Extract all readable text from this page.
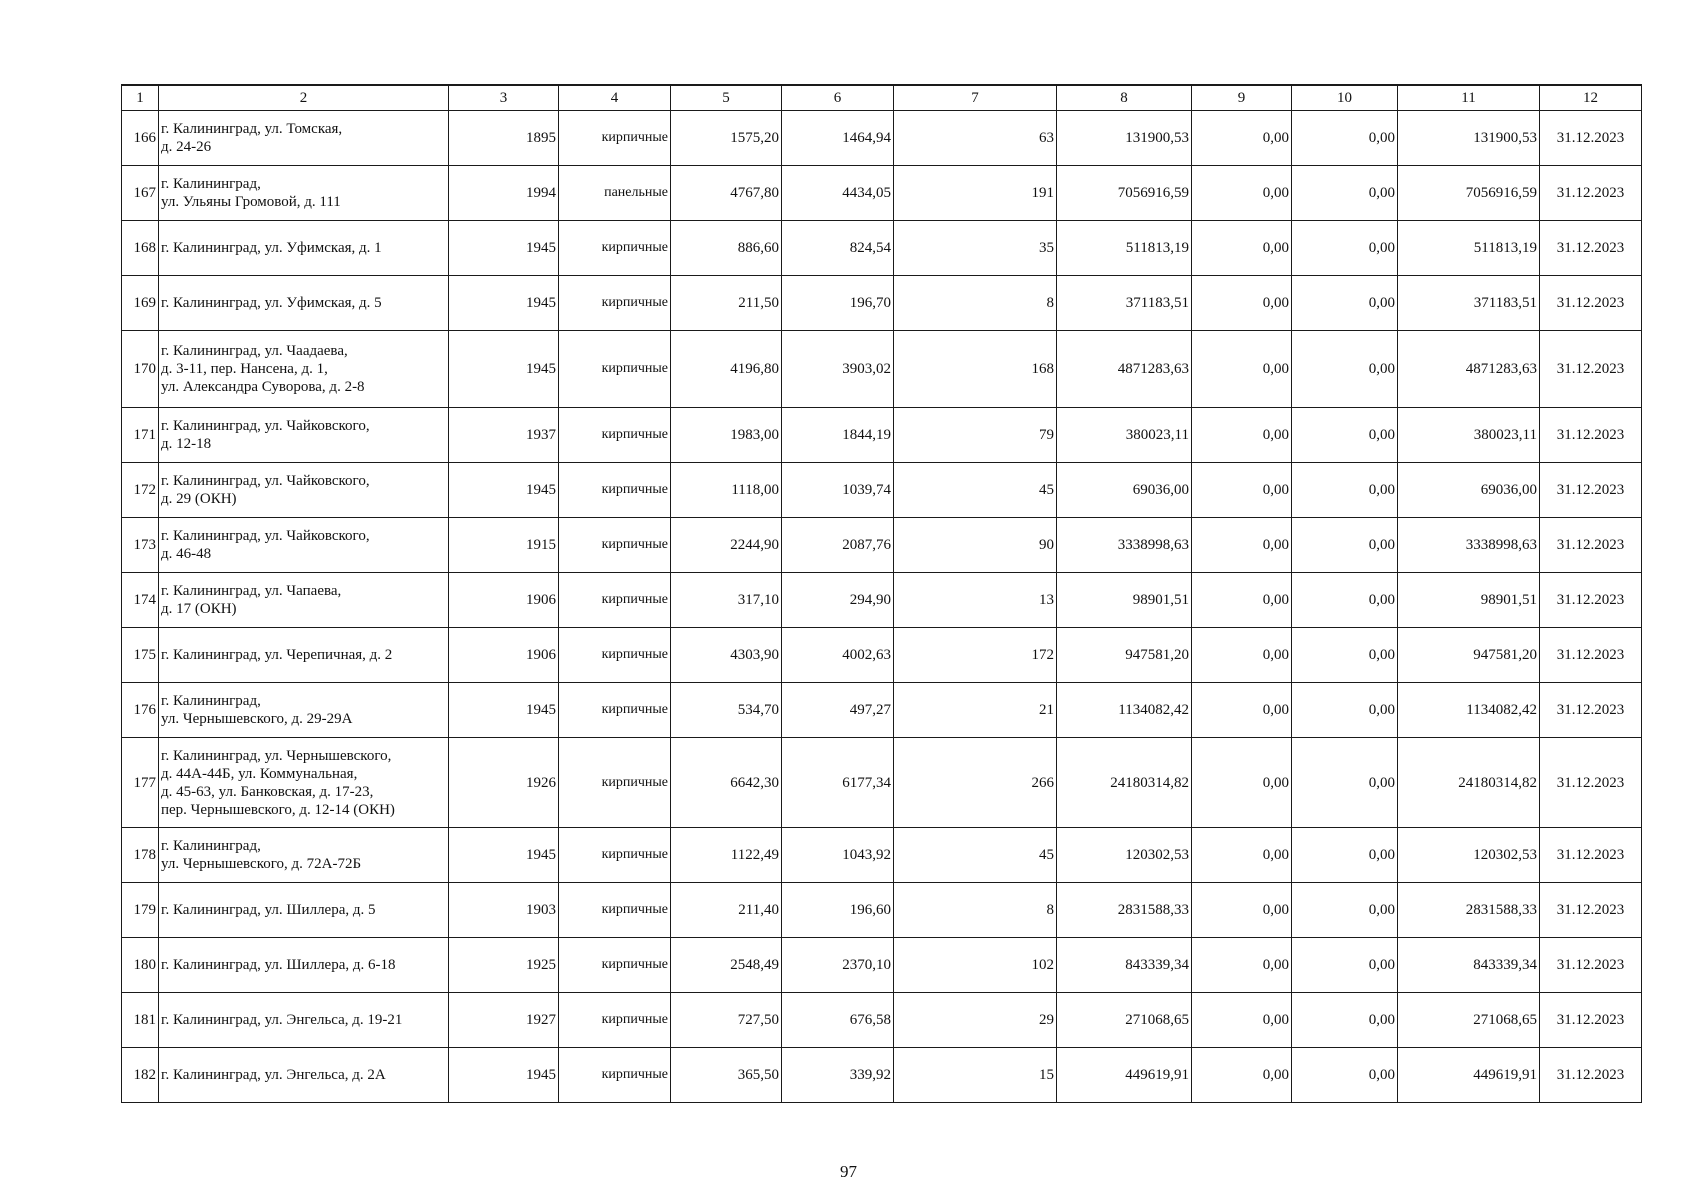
1	2	3	4	5	6	7	8	9	10	11	12
166	г. Калининград, ул. Томская,
д. 24-26	1895	кирпичные	1575,20	1464,94	63	131900,53	0,00	0,00	131900,53	31.12.2023
167	г. Калининград,
ул. Ульяны Громовой, д. 111	1994	панельные	4767,80	4434,05	191	7056916,59	0,00	0,00	7056916,59	31.12.2023
168	г. Калининград, ул. Уфимская, д. 1	1945	кирпичные	886,60	824,54	35	511813,19	0,00	0,00	511813,19	31.12.2023
169	г. Калининград, ул. Уфимская, д. 5	1945	кирпичные	211,50	196,70	8	371183,51	0,00	0,00	371183,51	31.12.2023
170	г. Калининград, ул. Чаадаева,
д. 3-11, пер. Нансена, д. 1,
ул. Александра Суворова, д. 2-8	1945	кирпичные	4196,80	3903,02	168	4871283,63	0,00	0,00	4871283,63	31.12.2023
171	г. Калининград, ул. Чайковского,
д. 12-18	1937	кирпичные	1983,00	1844,19	79	380023,11	0,00	0,00	380023,11	31.12.2023
172	г. Калининград, ул. Чайковского,
д. 29 (ОКН)	1945	кирпичные	1118,00	1039,74	45	69036,00	0,00	0,00	69036,00	31.12.2023
173	г. Калининград, ул. Чайковского,
д. 46-48	1915	кирпичные	2244,90	2087,76	90	3338998,63	0,00	0,00	3338998,63	31.12.2023
174	г. Калининград, ул. Чапаева,
д. 17 (ОКН)	1906	кирпичные	317,10	294,90	13	98901,51	0,00	0,00	98901,51	31.12.2023
175	г. Калининград, ул. Черепичная, д. 2	1906	кирпичные	4303,90	4002,63	172	947581,20	0,00	0,00	947581,20	31.12.2023
176	г. Калининград,
ул. Чернышевского, д. 29-29А	1945	кирпичные	534,70	497,27	21	1134082,42	0,00	0,00	1134082,42	31.12.2023
177	г. Калининград, ул. Чернышевского,
д. 44А-44Б, ул. Коммунальная,
д. 45-63, ул. Банковская, д. 17-23,
пер. Чернышевского, д. 12-14 (ОКН)	1926	кирпичные	6642,30	6177,34	266	24180314,82	0,00	0,00	24180314,82	31.12.2023
178	г. Калининград,
ул. Чернышевского, д. 72А-72Б	1945	кирпичные	1122,49	1043,92	45	120302,53	0,00	0,00	120302,53	31.12.2023
179	г. Калининград, ул. Шиллера, д. 5	1903	кирпичные	211,40	196,60	8	2831588,33	0,00	0,00	2831588,33	31.12.2023
180	г. Калининград, ул. Шиллера, д. 6-18	1925	кирпичные	2548,49	2370,10	102	843339,34	0,00	0,00	843339,34	31.12.2023
181	г. Калининград, ул. Энгельса, д. 19-21	1927	кирпичные	727,50	676,58	29	271068,65	0,00	0,00	271068,65	31.12.2023
182	г. Калининград, ул. Энгельса, д. 2А	1945	кирпичные	365,50	339,92	15	449619,91	0,00	0,00	449619,91	31.12.2023
97
